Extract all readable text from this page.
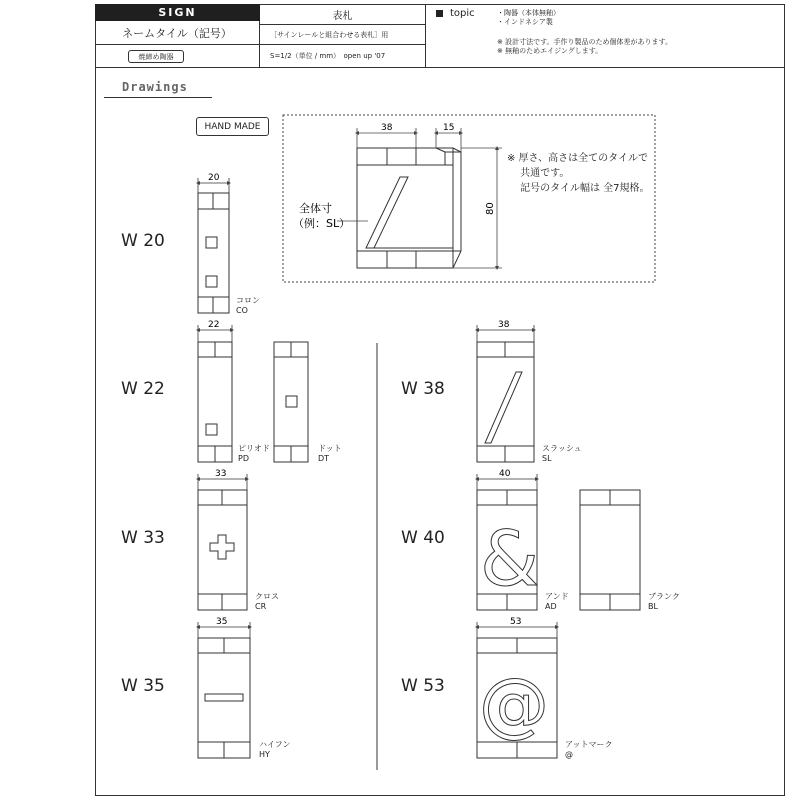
SIGN
ネームタイル（記号）
焼締め陶器
表札
［サインレールと組合わせる表札］用
S=1/2（単位 / mm）　open up '07
topic	・陶器（本体無釉）
・インドネシア製
※ 設計寸法です。手作り製品のため個体差があります。
※ 無釉のためエイジングします。
Drawings
HAND MADE
W 20
W 22
W 33
W 35
W 38
W 40
W 53
38	15
80
全体寸
（例：SL）
20
22
33
35
38
&
40
@
53
※ 厚さ、高さは全てのタイルで
　 共通です。
　 記号のタイル幅は 全7規格。
コロン
CO
ピリオド
PD
ドット
DT
クロス
CR
ハイフン
HY
スラッシュ
SL
アンド
AD
ブランク
BL
アットマーク
@
